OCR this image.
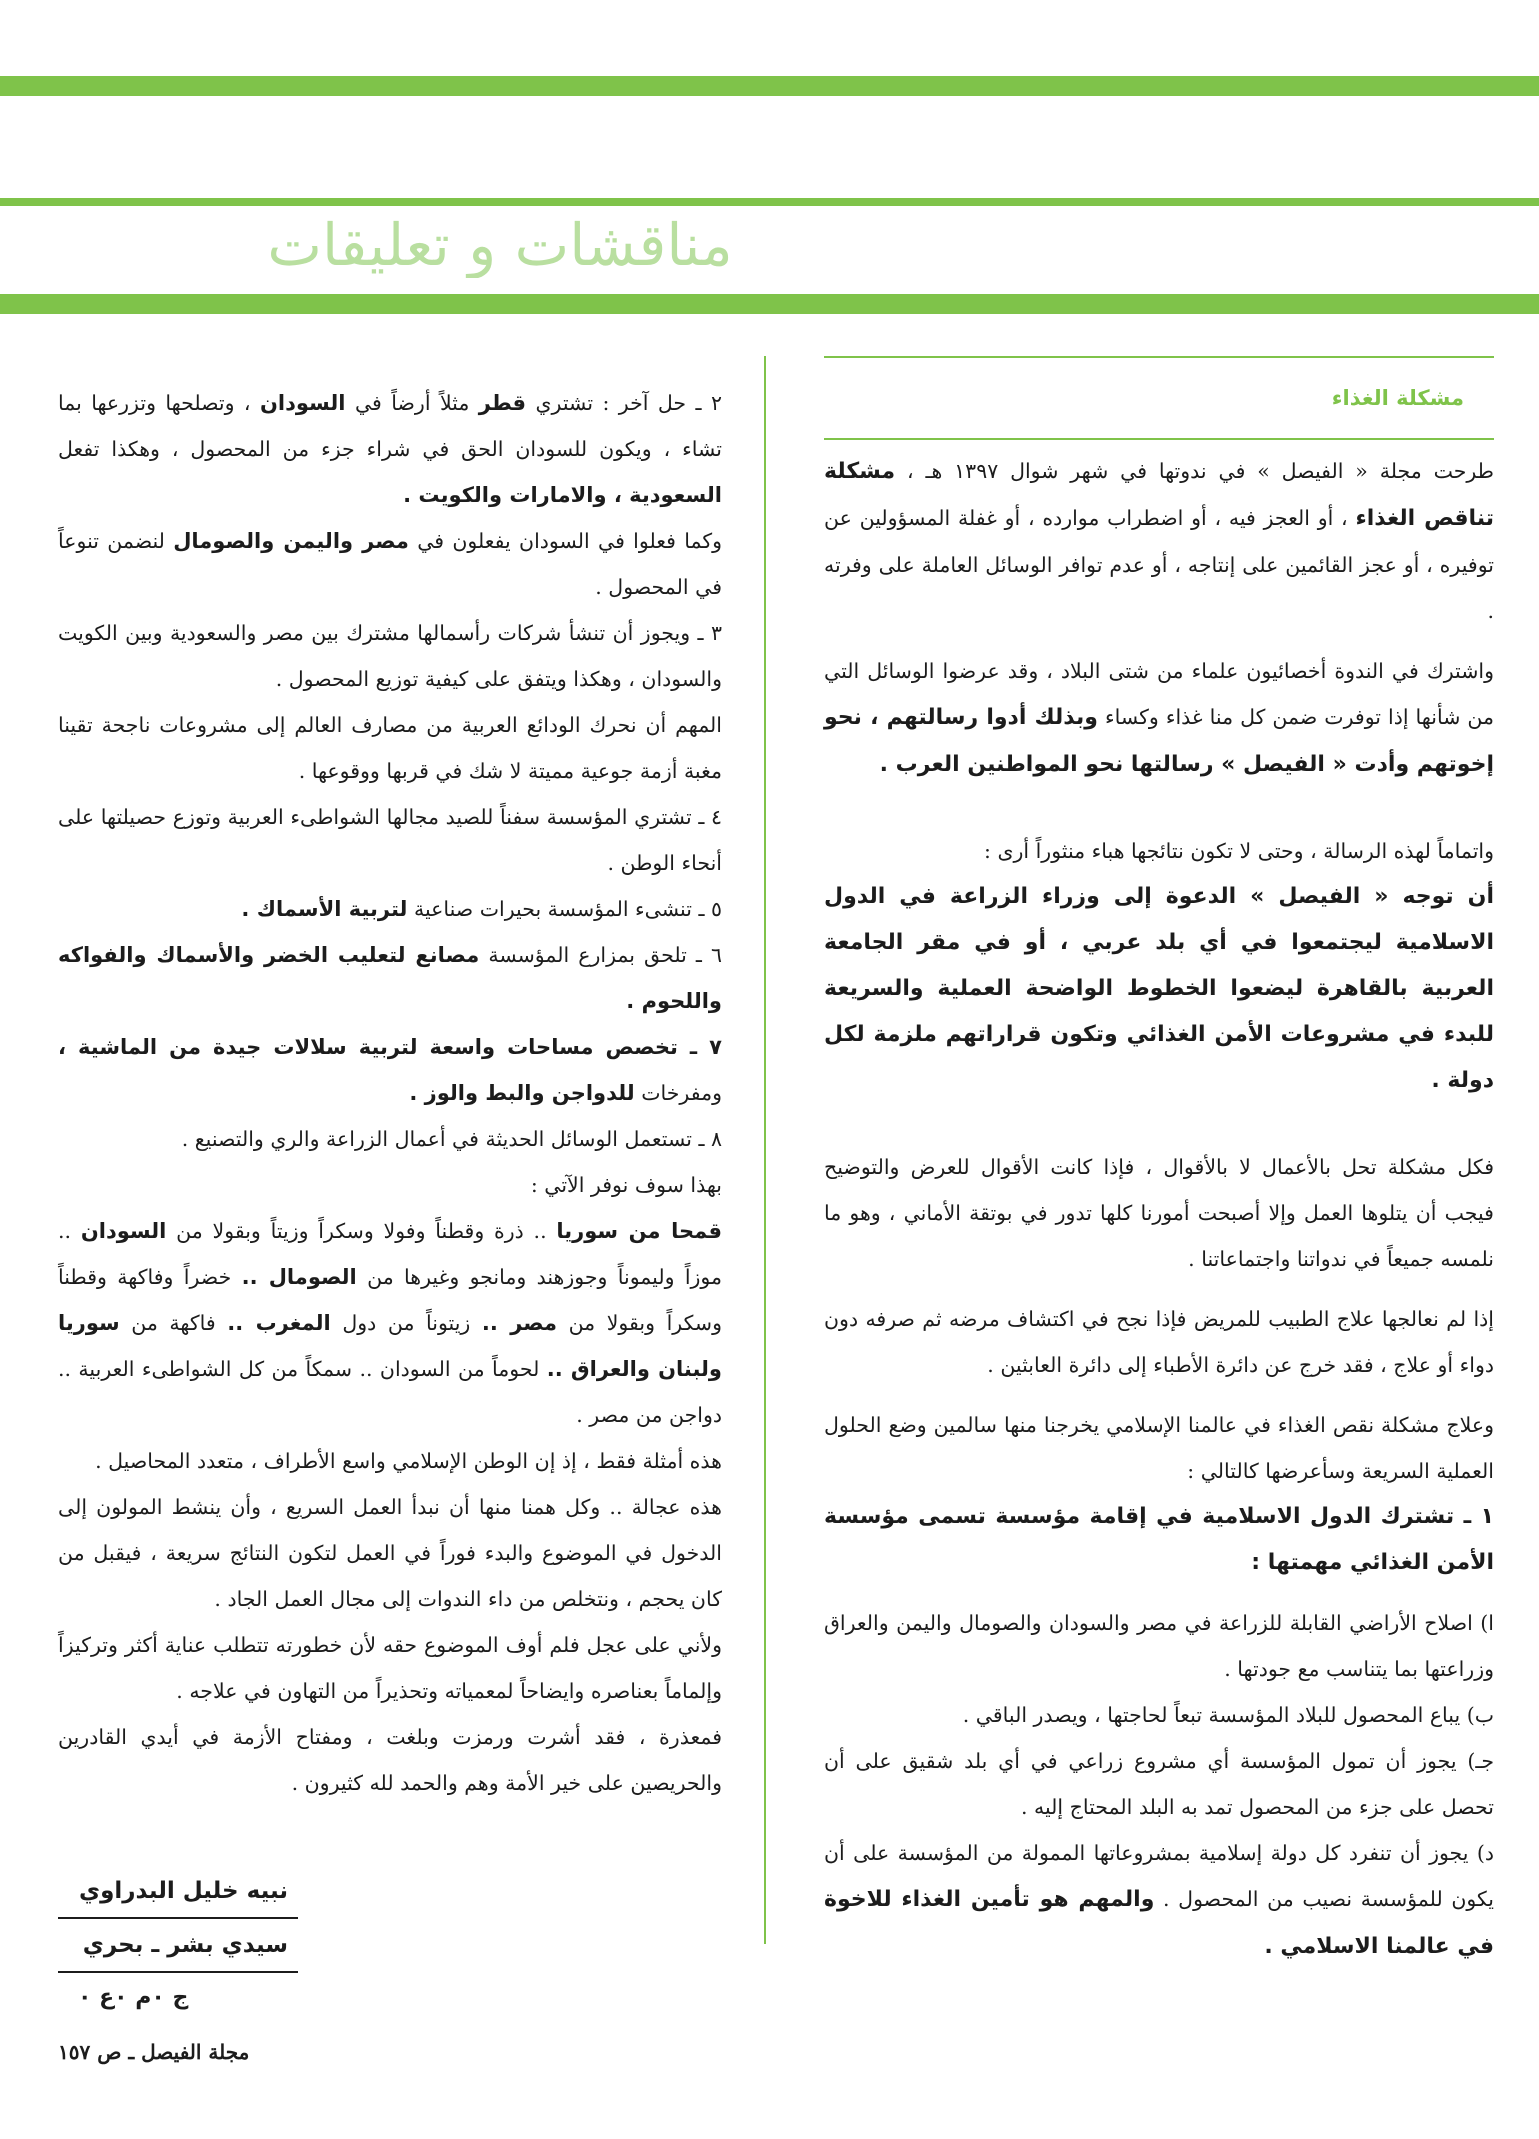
مناقشات و تعليقات
مشكلة الغذاء

طرحت مجلة « الفيصل » في ندوتها في شهر شوال ١٣٩٧ هـ ، مشكلة تناقص الغذاء ، أو العجز فيه ، أو اضطراب موارده ، أو غفلة المسؤولين عن توفيره ، أو عجز القائمين على إنتاجه ، أو عدم توافر الوسائل العاملة على وفرته .

واشترك في الندوة أخصائيون علماء من شتى البلاد ، وقد عرضوا الوسائل التي من شأنها إذا توفرت ضمن كل منا غذاء وكساء وبذلك أدوا رسالتهم ، نحو إخوتهم وأدت « الفيصل » رسالتها نحو المواطنين العرب .

واتماماً لهذه الرسالة ، وحتى لا تكون نتائجها هباء منثوراً أرى :

أن توجه « الفيصل » الدعوة إلى وزراء الزراعة في الدول الاسلامية ليجتمعوا في أي بلد عربي ، أو في مقر الجامعة العربية بالقاهرة ليضعوا الخطوط الواضحة العملية والسريعة للبدء في مشروعات الأمن الغذائي وتكون قراراتهم ملزمة لكل دولة .

فكل مشكلة تحل بالأعمال لا بالأقوال ، فإذا كانت الأقوال للعرض والتوضيح فيجب أن يتلوها العمل وإلا أصبحت أمورنا كلها تدور في بوتقة الأماني ، وهو ما نلمسه جميعاً في ندواتنا واجتماعاتنا .

إذا لم نعالجها علاج الطبيب للمريض فإذا نجح في اكتشاف مرضه ثم صرفه دون دواء أو علاج ، فقد خرج عن دائرة الأطباء إلى دائرة العابثين .

وعلاج مشكلة نقص الغذاء في عالمنا الإسلامي يخرجنا منها سالمين وضع الحلول العملية السريعة وسأعرضها كالتالي :

١ ـ تشترك الدول الاسلامية في إقامة مؤسسة تسمى مؤسسة الأمن الغذائي مهمتها :

ا) اصلاح الأراضي القابلة للزراعة في مصر والسودان والصومال واليمن والعراق وزراعتها بما يتناسب مع جودتها .

ب) يباع المحصول للبلاد المؤسسة تبعاً لحاجتها ، ويصدر الباقي .

جـ) يجوز أن تمول المؤسسة أي مشروع زراعي في أي بلد شقيق على أن تحصل على جزء من المحصول تمد به البلد المحتاج إليه .

د) يجوز أن تنفرد كل دولة إسلامية بمشروعاتها الممولة من المؤسسة على أن يكون للمؤسسة نصيب من المحصول . والمهم هو تأمين الغذاء للاخوة في عالمنا الاسلامي .

٢ ـ حل آخر : تشتري قطر مثلاً أرضاً في السودان ، وتصلحها وتزرعها بما تشاء ، ويكون للسودان الحق في شراء جزء من المحصول ، وهكذا تفعل السعودية ، والامارات والكويت .

وكما فعلوا في السودان يفعلون في مصر واليمن والصومال لنضمن تنوعاً في المحصول .

٣ ـ ويجوز أن تنشأ شركات رأسمالها مشترك بين مصر والسعودية وبين الكويت والسودان ، وهكذا ويتفق على كيفية توزيع المحصول .

المهم أن نحرك الودائع العربية من مصارف العالم إلى مشروعات ناجحة تقينا مغبة أزمة جوعية مميتة لا شك في قربها ووقوعها .

٤ ـ تشتري المؤسسة سفناً للصيد مجالها الشواطىء العربية وتوزع حصيلتها على أنحاء الوطن .

٥ ـ تنشىء المؤسسة بحيرات صناعية لتربية الأسماك .

٦ ـ تلحق بمزارع المؤسسة مصانع لتعليب الخضر والأسماك والفواكه واللحوم .

٧ ـ تخصص مساحات واسعة لتربية سلالات جيدة من الماشية ، ومفرخات للدواجن والبط والوز .

٨ ـ تستعمل الوسائل الحديثة في أعمال الزراعة والري والتصنيع .

بهذا سوف نوفر الآتي :

قمحا من سوريا .. ذرة وقطناً وفولا وسكراً وزيتاً وبقولا من السودان .. موزاً وليموناً وجوزهند ومانجو وغيرها من الصومال .. خضراً وفاكهة وقطناً وسكراً وبقولا من مصر .. زيتوناً من دول المغرب .. فاكهة من سوريا ولبنان والعراق .. لحوماً من السودان .. سمكاً من كل الشواطىء العربية .. دواجن من مصر .

هذه أمثلة فقط ، إذ إن الوطن الإسلامي واسع الأطراف ، متعدد المحاصيل .

هذه عجالة .. وكل همنا منها أن نبدأ العمل السريع ، وأن ينشط المولون إلى الدخول في الموضوع والبدء فوراً في العمل لتكون النتائج سريعة ، فيقبل من كان يحجم ، ونتخلص من داء الندوات إلى مجال العمل الجاد .

ولأني على عجل فلم أوف الموضوع حقه لأن خطورته تتطلب عناية أكثر وتركيزاً وإلماماً بعناصره وايضاحاً لمعمياته وتحذيراً من التهاون في علاجه .

فمعذرة ، فقد أشرت ورمزت وبلغت ، ومفتاح الأزمة في أيدي القادرين والحريصين على خير الأمة وهم والحمد لله كثيرون .

نبيه خليل البدراوي
سيدي بشر ـ بحري
ج ٠م ٠ع ٠
مجلة الفيصل ـ ص ١٥٧
